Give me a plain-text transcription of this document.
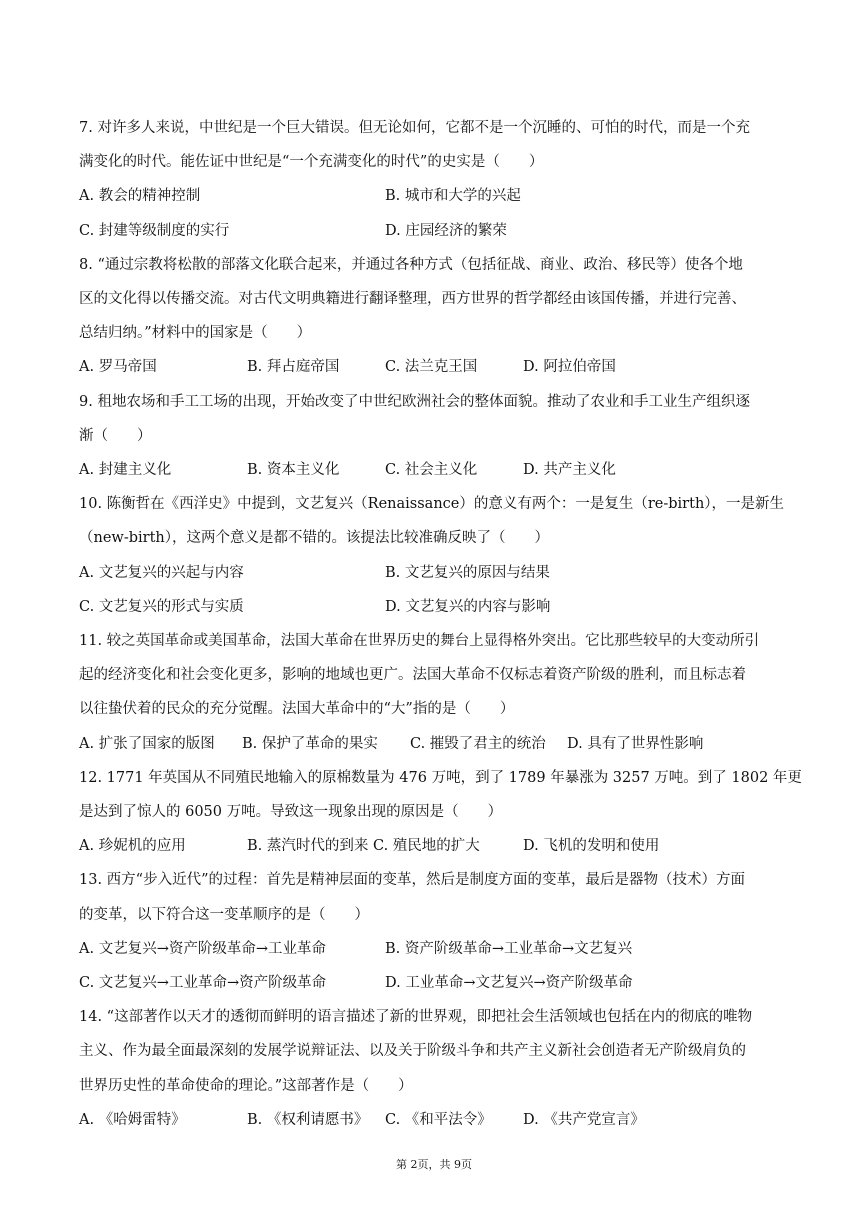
7. 对许多人来说，中世纪是一个巨大错误。但无论如何，它都不是一个沉睡的、可怕的时代，而是一个充

满变化的时代。能佐证中世纪是“一个充满变化的时代”的史实是（　　）

A. 教会的精神控制	B. 城市和大学的兴起
C. 封建等级制度的实行	D. 庄园经济的繁荣

8. “通过宗教将松散的部落文化联合起来，并通过各种方式（包括征战、商业、政治、移民等）使各个地

区的文化得以传播交流。对古代文明典籍进行翻译整理，西方世界的哲学都经由该国传播，并进行完善、

总结归纳。”材料中的国家是（　　）

A. 罗马帝国	B. 拜占庭帝国	C. 法兰克王国	D. 阿拉伯帝国

9. 租地农场和手工工场的出现，开始改变了中世纪欧洲社会的整体面貌。推动了农业和手工业生产组织逐

渐（　　）

A. 封建主义化	B. 资本主义化	C. 社会主义化	D. 共产主义化

10. 陈衡哲在《西洋史》中提到，文艺复兴（Renaissance）的意义有两个：一是复生（re-birth），一是新生

（new-birth），这两个意义是都不错的。该提法比较准确反映了（　　）

A. 文艺复兴的兴起与内容	B. 文艺复兴的原因与结果
C. 文艺复兴的形式与实质	D. 文艺复兴的内容与影响

11. 较之英国革命或美国革命，法国大革命在世界历史的舞台上显得格外突出。它比那些较早的大变动所引

起的经济变化和社会变化更多，影响的地域也更广。法国大革命不仅标志着资产阶级的胜利，而且标志着

以往蛰伏着的民众的充分觉醒。法国大革命中的“大”指的是（　　）

A. 扩张了国家的版图 B. 保护了革命的果实 C. 摧毁了君主的统治 D. 具有了世界性影响

12. 1771 年英国从不同殖民地输入的原棉数量为 476 万吨，到了 1789 年暴涨为 3257 万吨。到了 1802 年更

是达到了惊人的 6050 万吨。导致这一现象出现的原因是（　　）

A. 珍妮机的应用	B. 蒸汽时代的到来 C. 殖民地的扩大	D. 飞机的发明和使用

13. 西方“步入近代”的过程：首先是精神层面的变革，然后是制度方面的变革，最后是器物（技术）方面

的变革，以下符合这一变革顺序的是（　　）

A. 文艺复兴→资产阶级革命→工业革命	B. 资产阶级革命→工业革命→文艺复兴
C. 文艺复兴→工业革命→资产阶级革命	D. 工业革命→文艺复兴→资产阶级革命

14. “这部著作以天才的透彻而鲜明的语言描述了新的世界观，即把社会生活领域也包括在内的彻底的唯物

主义、作为最全面最深刻的发展学说辩证法、以及关于阶级斗争和共产主义新社会创造者无产阶级肩负的

世界历史性的革命使命的理论。”这部著作是（　　）

A. 《哈姆雷特》	B. 《权利请愿书》 C. 《和平法令》 D. 《共产党宣言》
第 2页，共 9页
